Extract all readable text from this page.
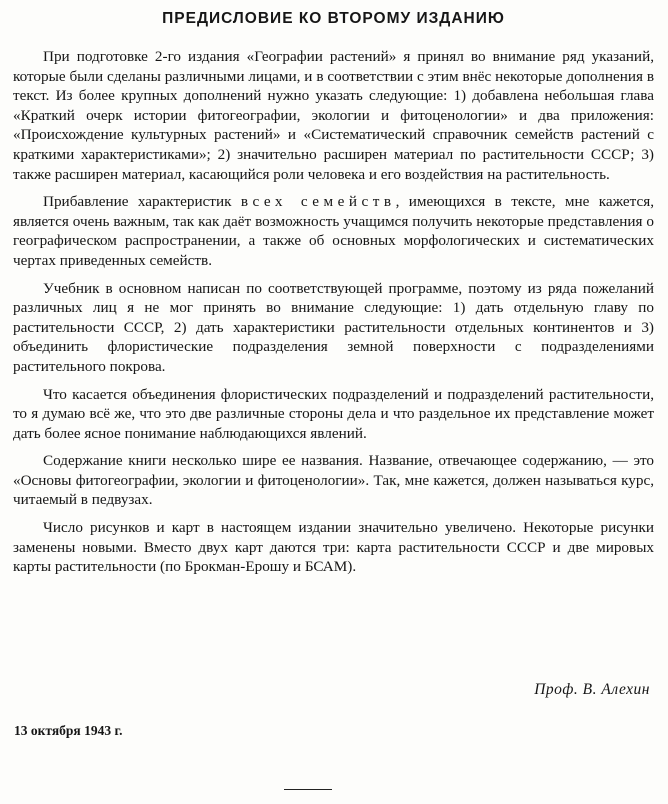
ПРЕДИСЛОВИЕ КО ВТОРОМУ ИЗДАНИЮ

При подготовке 2-го издания «Географии растений» я принял во внимание ряд указаний, которые были сделаны различными лицами, и в соответствии с этим внёс некоторые дополнения в текст. Из более крупных дополнений нужно указать следующие: 1) добавлена небольшая глава «Краткий очерк истории фитогеографии, экологии и фитоценологии» и два приложения: «Происхождение культурных растений» и «Систематический справочник семейств растений с краткими характеристиками»; 2) значительно расширен материал по растительности СССР; 3) также расширен материал, касающийся роли человека и его воздействия на растительность.

Прибавление характеристик всех семейств, имеющихся в тексте, мне кажется, является очень важным, так как даёт возможность учащимся получить некоторые представления о географическом распространении, а также об основных морфологических и систематических чертах приведенных семейств.

Учебник в основном написан по соответствующей программе, поэтому из ряда пожеланий различных лиц я не мог принять во внимание следующие: 1) дать отдельную главу по растительности СССР, 2) дать характеристики растительности отдельных континентов и 3) объединить флористические подразделения земной поверхности с подразделениями растительного покрова.

Что касается объединения флористических подразделений и подразделений растительности, то я думаю всё же, что это две различные стороны дела и что раздельное их представление может дать более ясное понимание наблюдающихся явлений.

Содержание книги несколько шире ее названия. Название, отвечающее содержанию, — это «Основы фитогеографии, экологии и фитоценологии». Так, мне кажется, должен называться курс, читаемый в педвузах.

Число рисунков и карт в настоящем издании значительно увеличено. Некоторые рисунки заменены новыми. Вместо двух карт даются три: карта растительности СССР и две мировых карты растительности (по Брокман-Ерошу и БСАМ).

Проф. В. Алехин

13 октября 1943 г.
